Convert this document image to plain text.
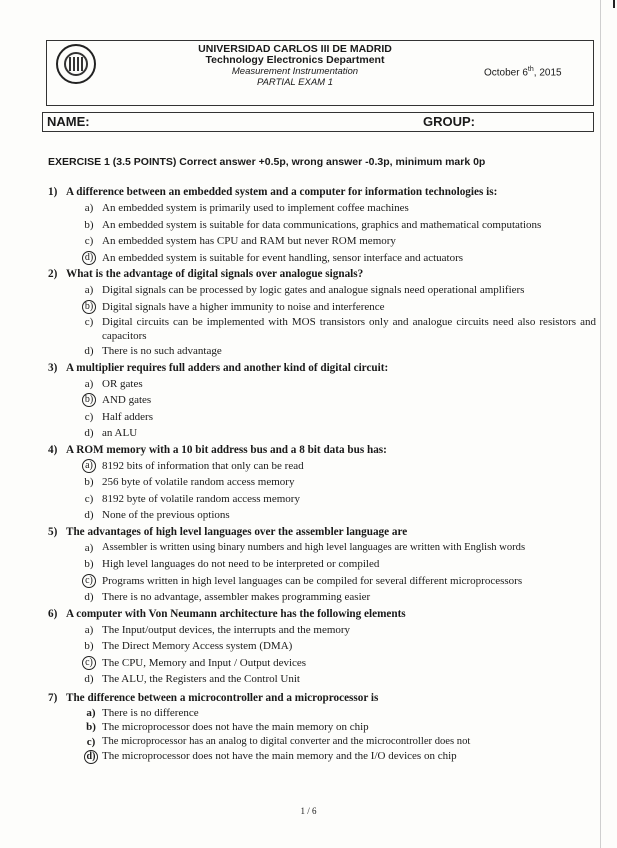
UNIVERSIDAD CARLOS III DE MADRID
Technology Electronics Department
Measurement Instrumentation
PARTIAL EXAM 1
October 6th, 2015
NAME:	GROUP:
EXERCISE 1 (3.5 POINTS) Correct answer +0.5p, wrong answer -0.3p, minimum mark 0p
1) A difference between an embedded system and a computer for information technologies is:
a) An embedded system is primarily used to implement coffee machines
b) An embedded system is suitable for data communications, graphics and mathematical computations
c) An embedded system has CPU and RAM but never ROM memory
d) An embedded system is suitable for event handling, sensor interface and actuators
2) What is the advantage of digital signals over analogue signals?
a) Digital signals can be processed by logic gates and analogue signals need operational amplifiers
b) Digital signals have a higher immunity to noise and interference
c) Digital circuits can be implemented with MOS transistors only and analogue circuits need also resistors and capacitors
d) There is no such advantage
3) A multiplier requires full adders and another kind of digital circuit:
a) OR gates
b) AND gates
c) Half adders
d) an ALU
4) A ROM memory with a 10 bit address bus and a 8 bit data bus has:
a) 8192 bits of information that only can be read
b) 256 byte of volatile random access memory
c) 8192 byte of volatile random access memory
d) None of the previous options
5) The advantages of high level languages over the assembler language are
a) Assembler is written using binary numbers and high level languages are written with English words
b) High level languages do not need to be interpreted or compiled
c) Programs written in high level languages can be compiled for several different microprocessors
d) There is no advantage, assembler makes programming easier
6) A computer with Von Neumann architecture has the following elements
a) The Input/output devices, the interrupts and the memory
b) The Direct Memory Access system (DMA)
c) The CPU, Memory and Input / Output devices
d) The ALU, the Registers and the Control Unit
7) The difference between a microcontroller and a microprocessor is
a) There is no difference
b) The microprocessor does not have the main memory on chip
c) The microprocessor has an analog to digital converter and the microcontroller does not
d) The microprocessor does not have the main memory and the I/O devices on chip
1 / 6
